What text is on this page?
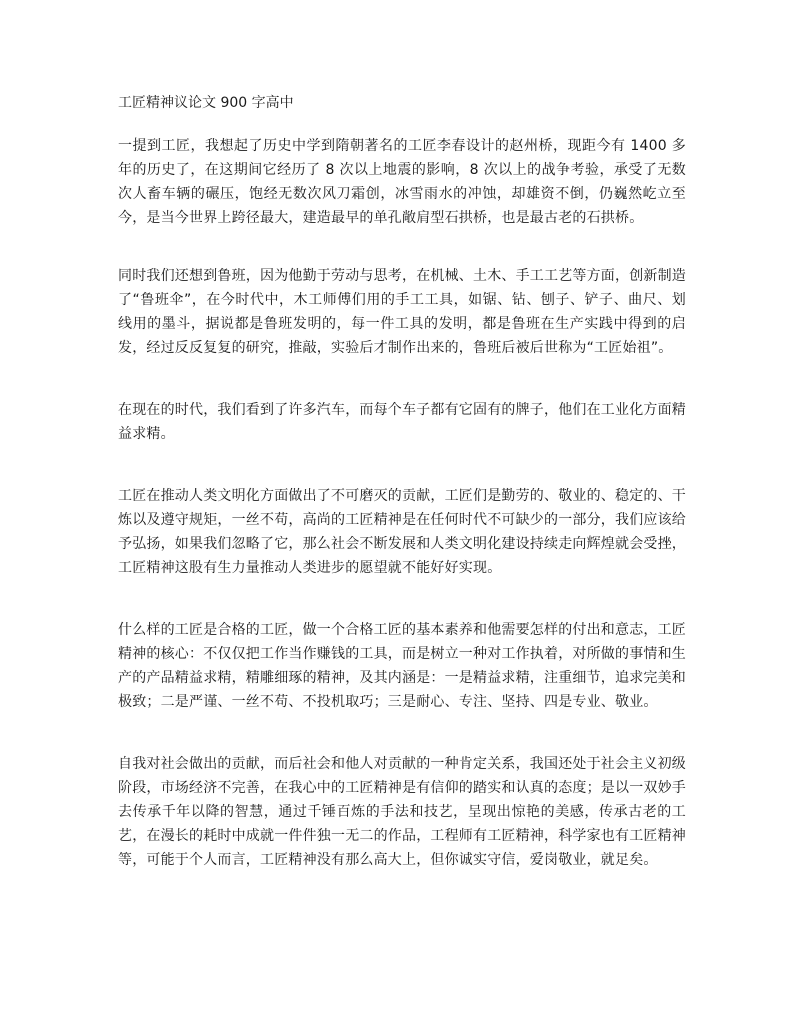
工匠精神议论文 900 字高中

一提到工匠，我想起了历史中学到隋朝著名的工匠李春设计的赵州桥，现距今有 1400 多年的历史了，在这期间它经历了 8 次以上地震的影响，8 次以上的战争考验，承受了无数次人畜车辆的碾压，饱经无数次风刀霜创，冰雪雨水的冲蚀，却雄资不倒，仍巍然屹立至今，是当今世界上跨径最大，建造最早的单孔敞肩型石拱桥，也是最古老的石拱桥。

同时我们还想到鲁班，因为他勤于劳动与思考，在机械、土木、手工工艺等方面，创新制造了“鲁班伞”，在今时代中，木工师傅们用的手工工具，如锯、钻、刨子、铲子、曲尺、划线用的墨斗，据说都是鲁班发明的，每一件工具的发明，都是鲁班在生产实践中得到的启发，经过反反复复的研究，推敲，实验后才制作出来的，鲁班后被后世称为“工匠始祖”。

在现在的时代，我们看到了许多汽车，而每个车子都有它固有的牌子，他们在工业化方面精益求精。

工匠在推动人类文明化方面做出了不可磨灭的贡献，工匠们是勤劳的、敬业的、稳定的、干炼以及遵守规矩，一丝不苟，高尚的工匠精神是在任何时代不可缺少的一部分，我们应该给予弘扬，如果我们忽略了它，那么社会不断发展和人类文明化建设持续走向辉煌就会受挫，工匠精神这股有生力量推动人类进步的愿望就不能好好实现。

什么样的工匠是合格的工匠，做一个合格工匠的基本素养和他需要怎样的付出和意志，工匠精神的核心：不仅仅把工作当作赚钱的工具，而是树立一种对工作执着，对所做的事情和生产的产品精益求精，精雕细琢的精神，及其内涵是：一是精益求精，注重细节，追求完美和极致；二是严谨、一丝不苟、不投机取巧；三是耐心、专注、坚持、四是专业、敬业。

自我对社会做出的贡献，而后社会和他人对贡献的一种肯定关系，我国还处于社会主义初级阶段，市场经济不完善，在我心中的工匠精神是有信仰的踏实和认真的态度；是以一双妙手去传承千年以降的智慧，通过千锤百炼的手法和技艺，呈现出惊艳的美感，传承古老的工艺，在漫长的耗时中成就一件件独一无二的作品，工程师有工匠精神，科学家也有工匠精神等，可能于个人而言，工匠精神没有那么高大上，但你诚实守信，爱岗敬业，就足矣。
